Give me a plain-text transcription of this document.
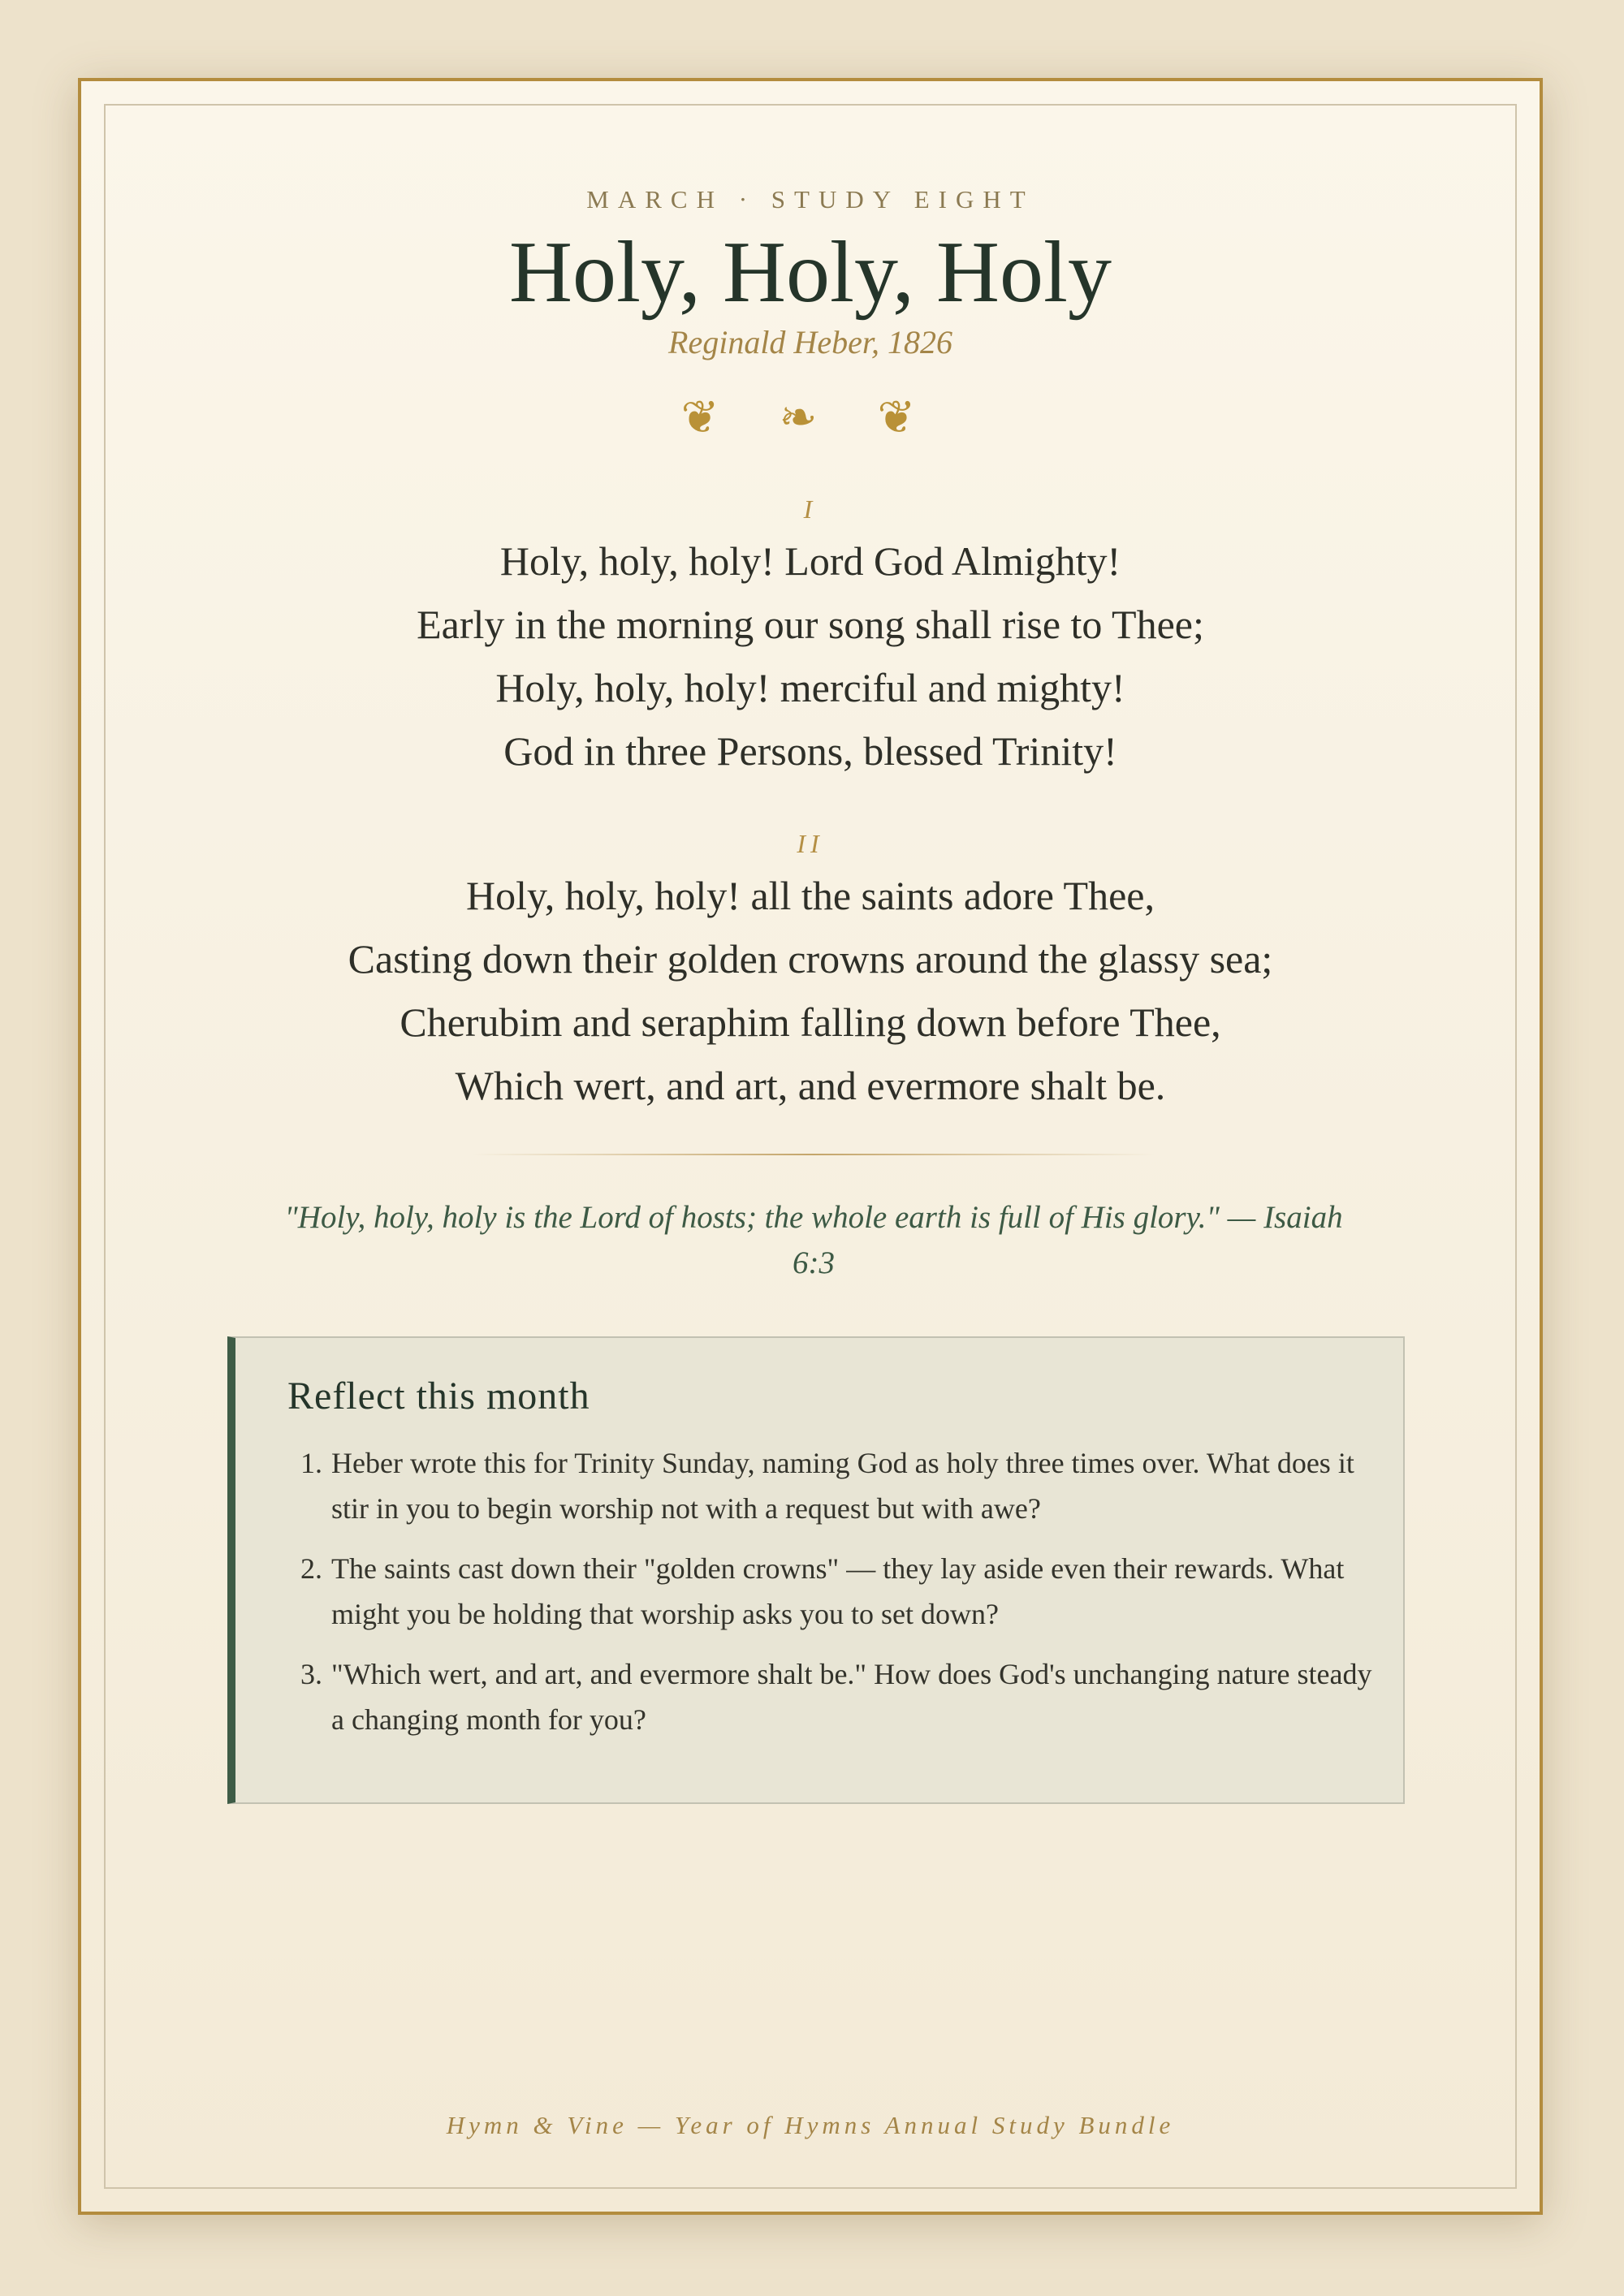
MARCH · STUDY EIGHT
Holy, Holy, Holy
Reginald Heber, 1826
❦ ❧ ❦
I
Holy, holy, holy! Lord God Almighty!
Early in the morning our song shall rise to Thee;
Holy, holy, holy! merciful and mighty!
God in three Persons, blessed Trinity!
II
Holy, holy, holy! all the saints adore Thee,
Casting down their golden crowns around the glassy sea;
Cherubim and seraphim falling down before Thee,
Which wert, and art, and evermore shalt be.
"Holy, holy, holy is the Lord of hosts; the whole earth is full of His glory." — Isaiah 6:3
Reflect this month
1. Heber wrote this for Trinity Sunday, naming God as holy three times over. What does it stir in you to begin worship not with a request but with awe?
2. The saints cast down their "golden crowns" — they lay aside even their rewards. What might you be holding that worship asks you to set down?
3. "Which wert, and art, and evermore shalt be." How does God's unchanging nature steady a changing month for you?
Hymn & Vine — Year of Hymns Annual Study Bundle
